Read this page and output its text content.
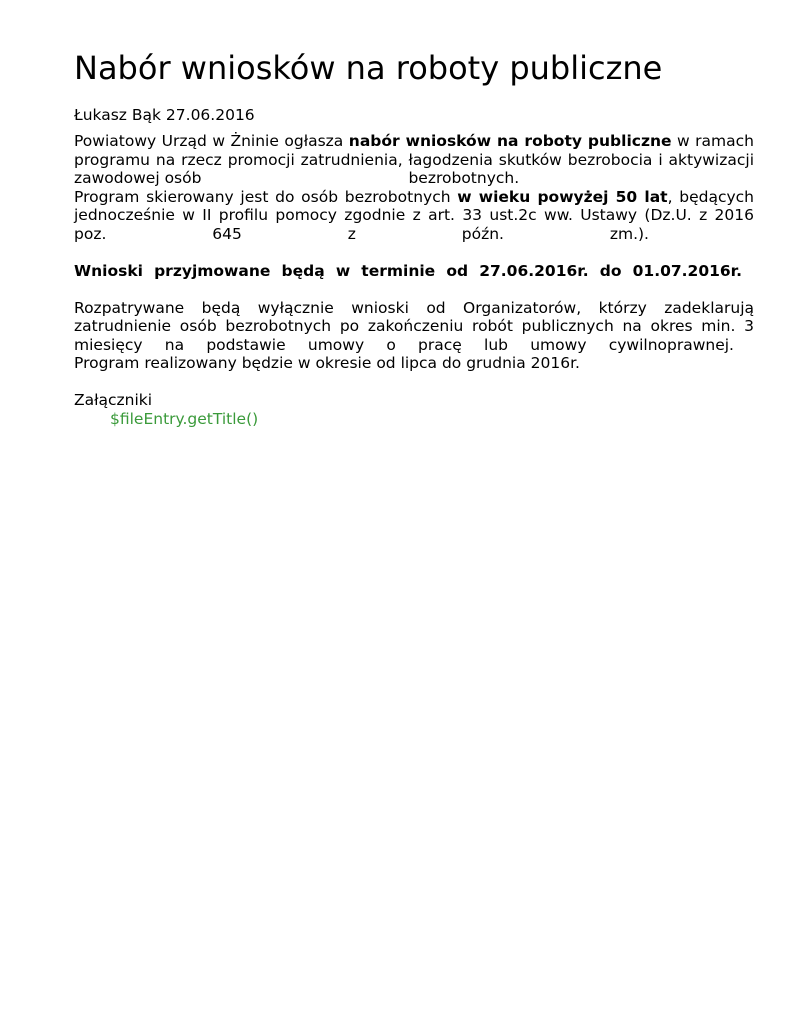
Nabór wniosków na roboty publiczne
Łukasz Bąk 27.06.2016
Powiatowy Urząd w Żninie ogłasza nabór wniosków na roboty publiczne w ramach
programu na rzecz promocji zatrudnienia, łagodzenia skutków bezrobocia i aktywizacji
zawodowej osób	bezrobotnych.
Program skierowany jest do osób bezrobotnych w wieku powyżej 50 lat, będących
jednocześnie w II profilu pomocy zgodnie z art. 33 ust.2c ww. Ustawy (Dz.U. z 2016
poz.	645	z	późn.	zm.).
Wnioski przyjmowane będą w terminie od 27.06.2016r. do 01.07.2016r.
Rozpatrywane będą wyłącznie wnioski od Organizatorów, którzy zadeklarują
zatrudnienie osób bezrobotnych po zakończeniu robót publicznych na okres min. 3
miesięcy na podstawie umowy o pracę lub umowy cywilnoprawnej.
Program realizowany będzie w okresie od lipca do grudnia 2016r.
Załączniki
$fileEntry.getTitle()
